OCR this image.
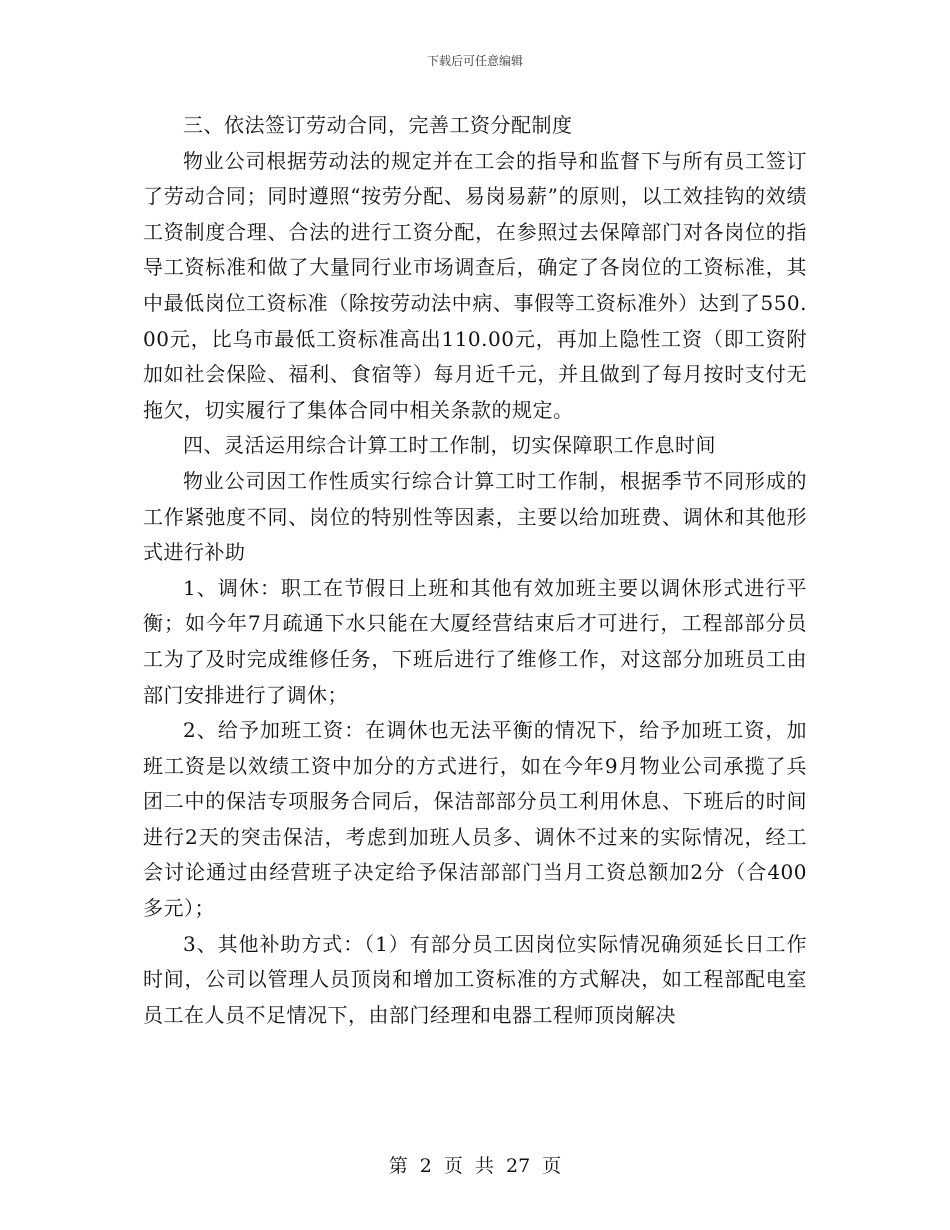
下载后可任意编辑

三、依法签订劳动合同，完善工资分配制度

物业公司根据劳动法的规定并在工会的指导和监督下与所有员工签订了劳动合同；同时遵照“按劳分配、易岗易薪”的原则，以工效挂钩的效绩工资制度合理、合法的进行工资分配，在参照过去保障部门对各岗位的指导工资标准和做了大量同行业市场调查后，确定了各岗位的工资标准，其中最低岗位工资标准（除按劳动法中病、事假等工资标准外）达到了550.00元，比乌市最低工资标准高出110.00元，再加上隐性工资（即工资附加如社会保险、福利、食宿等）每月近千元，并且做到了每月按时支付无拖欠，切实履行了集体合同中相关条款的规定。

四、灵活运用综合计算工时工作制，切实保障职工作息时间

物业公司因工作性质实行综合计算工时工作制，根据季节不同形成的工作紧弛度不同、岗位的特别性等因素，主要以给加班费、调休和其他形式进行补助

1、调休：职工在节假日上班和其他有效加班主要以调休形式进行平衡；如今年7月疏通下水只能在大厦经营结束后才可进行，工程部部分员工为了及时完成维修任务，下班后进行了维修工作，对这部分加班员工由部门安排进行了调休；

2、给予加班工资：在调休也无法平衡的情况下，给予加班工资，加班工资是以效绩工资中加分的方式进行，如在今年9月物业公司承揽了兵团二中的保洁专项服务合同后，保洁部部分员工利用休息、下班后的时间进行2天的突击保洁，考虑到加班人员多、调休不过来的实际情况，经工会讨论通过由经营班子决定给予保洁部部门当月工资总额加2分（合400多元）；

3、其他补助方式：（1）有部分员工因岗位实际情况确须延长日工作时间，公司以管理人员顶岗和增加工资标准的方式解决，如工程部配电室员工在人员不足情况下，由部门经理和电器工程师顶岗解决

第 2 页 共 27 页
